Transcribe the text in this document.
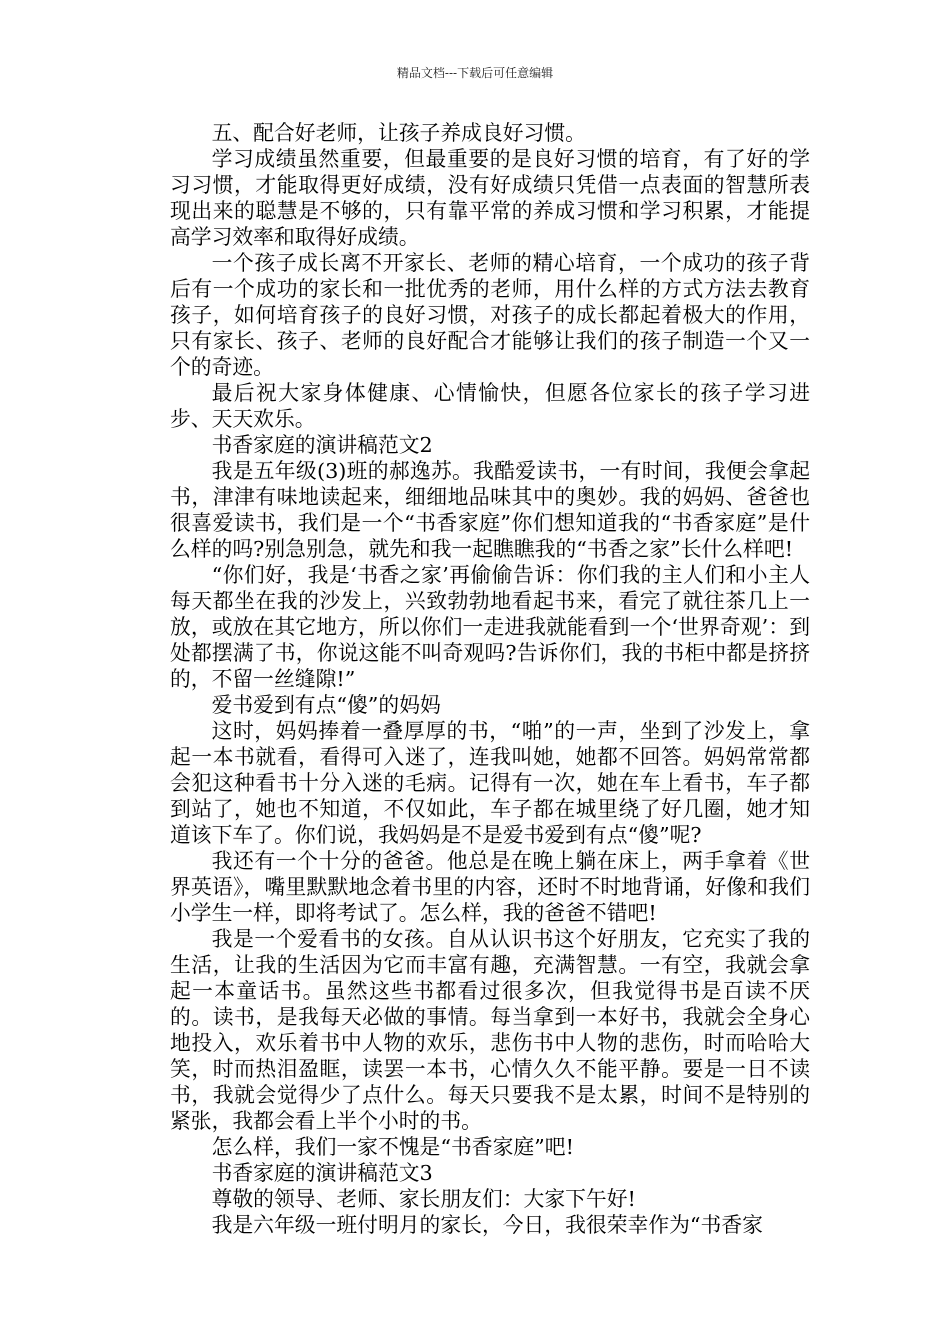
精品文档---下载后可任意编辑

五、配合好老师，让孩子养成良好习惯。

学习成绩虽然重要，但最重要的是良好习惯的培育，有了好的学习习惯，才能取得更好成绩，没有好成绩只凭借一点表面的智慧所表现出来的聪慧是不够的，只有靠平常的养成习惯和学习积累，才能提高学习效率和取得好成绩。

一个孩子成长离不开家长、老师的精心培育，一个成功的孩子背后有一个成功的家长和一批优秀的老师，用什么样的方式方法去教育孩子，如何培育孩子的良好习惯，对孩子的成长都起着极大的作用，只有家长、孩子、老师的良好配合才能够让我们的孩子制造一个又一个的奇迹。

最后祝大家身体健康、心情愉快，但愿各位家长的孩子学习进步、天天欢乐。

书香家庭的演讲稿范文2

我是五年级(3)班的郝逸苏。我酷爱读书，一有时间，我便会拿起书，津津有味地读起来，细细地品味其中的奥妙。我的妈妈、爸爸也很喜爱读书，我们是一个“书香家庭”你们想知道我的“书香家庭”是什么样的吗?别急别急，就先和我一起瞧瞧我的“书香之家”长什么样吧!

“你们好，我是‘书香之家’再偷偷告诉：你们我的主人们和小主人每天都坐在我的沙发上，兴致勃勃地看起书来，看完了就往茶几上一放，或放在其它地方，所以你们一走进我就能看到一个‘世界奇观’：到处都摆满了书，你说这能不叫奇观吗?告诉你们，我的书柜中都是挤挤的，不留一丝缝隙!”

爱书爱到有点“傻”的妈妈

这时，妈妈捧着一叠厚厚的书，“啪”的一声，坐到了沙发上，拿起一本书就看，看得可入迷了，连我叫她，她都不回答。妈妈常常都会犯这种看书十分入迷的毛病。记得有一次，她在车上看书，车子都到站了，她也不知道，不仅如此，车子都在城里绕了好几圈，她才知道该下车了。你们说，我妈妈是不是爱书爱到有点“傻”呢?

我还有一个十分的爸爸。他总是在晚上躺在床上，两手拿着《世界英语》，嘴里默默地念着书里的内容，还时不时地背诵，好像和我们小学生一样，即将考试了。怎么样，我的爸爸不错吧!

我是一个爱看书的女孩。自从认识书这个好朋友，它充实了我的生活，让我的生活因为它而丰富有趣，充满智慧。一有空，我就会拿起一本童话书。虽然这些书都看过很多次，但我觉得书是百读不厌的。读书，是我每天必做的事情。每当拿到一本好书，我就会全身心地投入，欢乐着书中人物的欢乐，悲伤书中人物的悲伤，时而哈哈大笑，时而热泪盈眶，读罢一本书，心情久久不能平静。要是一日不读书，我就会觉得少了点什么。每天只要我不是太累，时间不是特别的紧张，我都会看上半个小时的书。

怎么样，我们一家不愧是“书香家庭”吧!

书香家庭的演讲稿范文3

尊敬的领导、老师、家长朋友们：大家下午好!

我是六年级一班付明月的家长，今日，我很荣幸作为“书香家
